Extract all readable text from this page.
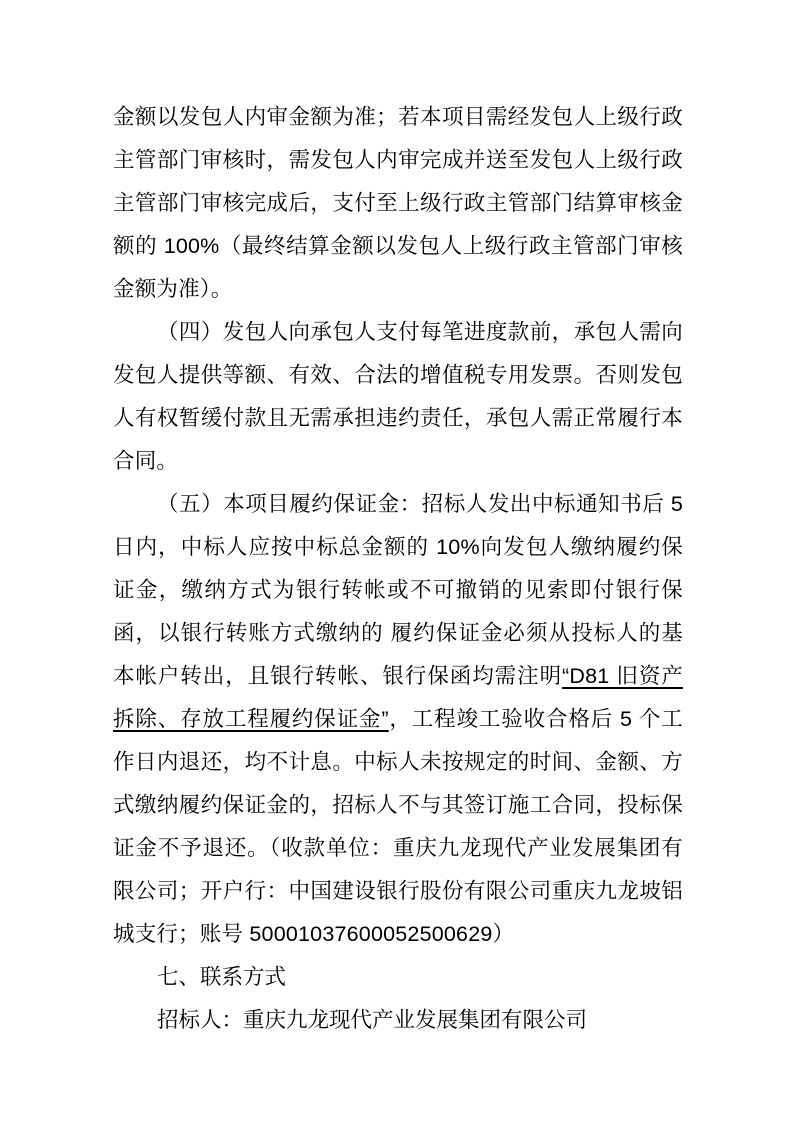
金额以发包人内审金额为准；若本项目需经发包人上级行政主管部门审核时，需发包人内审完成并送至发包人上级行政主管部门审核完成后，支付至上级行政主管部门结算审核金额的 100%（最终结算金额以发包人上级行政主管部门审核金额为准）。

（四）发包人向承包人支付每笔进度款前，承包人需向发包人提供等额、有效、合法的增值税专用发票。否则发包人有权暂缓付款且无需承担违约责任，承包人需正常履行本合同。

（五）本项目履约保证金：招标人发出中标通知书后 5 日内，中标人应按中标总金额的 10%向发包人缴纳履约保证金，缴纳方式为银行转帐或不可撤销的见索即付银行保函，以银行转账方式缴纳的 履约保证金必须从投标人的基本帐户转出，且银行转帐、银行保函均需注明“D81 旧资产拆除、存放工程履约保证金”，工程竣工验收合格后 5 个工作日内退还，均不计息。中标人未按规定的时间、金额、方式缴纳履约保证金的，招标人不与其签订施工合同，投标保证金不予退还。（收款单位：重庆九龙现代产业发展集团有限公司；开户行：中国建设银行股份有限公司重庆九龙坡铝城支行；账号 50001037600052500629）

七、联系方式

招标人：重庆九龙现代产业发展集团有限公司
